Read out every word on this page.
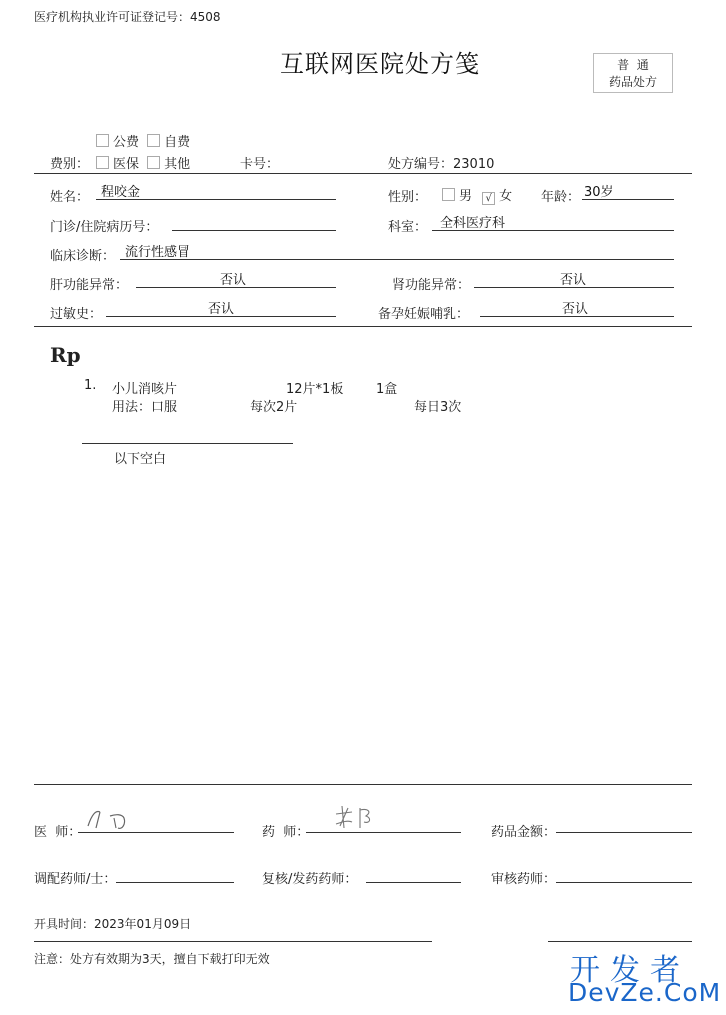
医疗机构执业许可证登记号：4508
互联网医院处方笺	普  通
药品处方
公费 自费
费别：	医保 其他	卡号：	处方编号：23010
姓名： 程咬金	性别：	男 √ 女 年龄： 30岁
门诊/住院病历号：	科室： 全科医疗科
临床诊断： 流行性感冒
肝功能异常：	否认	肾功能异常：	否认
过敏史：	否认	备孕妊娠哺乳：	否认
Rp
1. 小儿消咳片	12片*1板	1盒
用法：口服	每次2片	每日3次
以下空白
医  师：	药  师：	药品金额：
调配药师/士：	复核/发药药师：	审核药师：
开具时间：2023年01月09日
注意：处方有效期为3天，擅自下载打印无效	开发者
DevZe.CoM
